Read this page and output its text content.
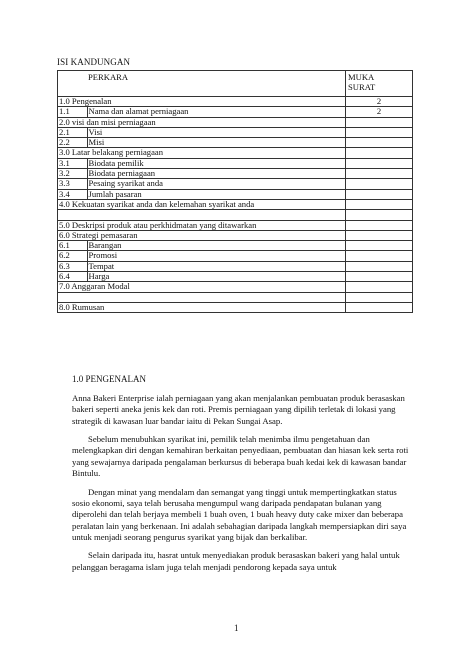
ISI KANDUNGAN
	PERKARA	MUKA
SURAT
1.0 Pengenalan		2
1.1	Nama dan alamat perniagaan	2
2.0 visi dan misi perniagaan		
2.1	Visi	
2.2	Misi	
3.0 Latar belakang perniagaan		
3.1	Biodata pemilik	
3.2	Biodata perniagaan	
3.3	Pesaing syarikat anda	
3.4	Jumlah pasaran	
4.0 Kekuatan syarikat anda dan kelemahan syarikat anda		

5.0 Deskripsi produk atau perkhidmatan yang ditawarkan		
6.0 Strategi pemasaran		
6.1	Barangan	
6.2	Promosi	
6.3	Tempat	
6.4	Harga	
7.0 Anggaran Modal		

8.0 Rumusan		
1.0 PENGENALAN

Anna Bakeri Enterprise ialah perniagaan yang akan menjalankan pembuatan produk berasaskan bakeri seperti aneka jenis kek dan roti. Premis perniagaan yang dipilih terletak di lokasi yang strategik di kawasan luar bandar iaitu di Pekan Sungai Asap.

Sebelum menubuhkan syarikat ini, pemilik telah menimba ilmu pengetahuan dan melengkapkan diri dengan kemahiran berkaitan penyediaan, pembuatan dan hiasan kek serta roti yang sewajarnya daripada pengalaman berkursus di beberapa buah kedai kek di kawasan bandar Bintulu.

Dengan minat yang mendalam dan semangat yang tinggi untuk mempertingkatkan status sosio ekonomi, saya telah berusaha mengumpul wang daripada pendapatan bulanan yang diperolehi dan telah berjaya membeli 1 buah oven, 1 buah heavy duty cake mixer dan beberapa peralatan lain yang berkenaan. Ini adalah sebahagian daripada langkah mempersiapkan diri saya untuk menjadi seorang pengurus syarikat yang bijak dan berkalibar.

Selain daripada itu, hasrat untuk menyediakan produk berasaskan bakeri yang halal untuk pelanggan beragama islam juga telah menjadi pendorong kepada saya untuk

1
